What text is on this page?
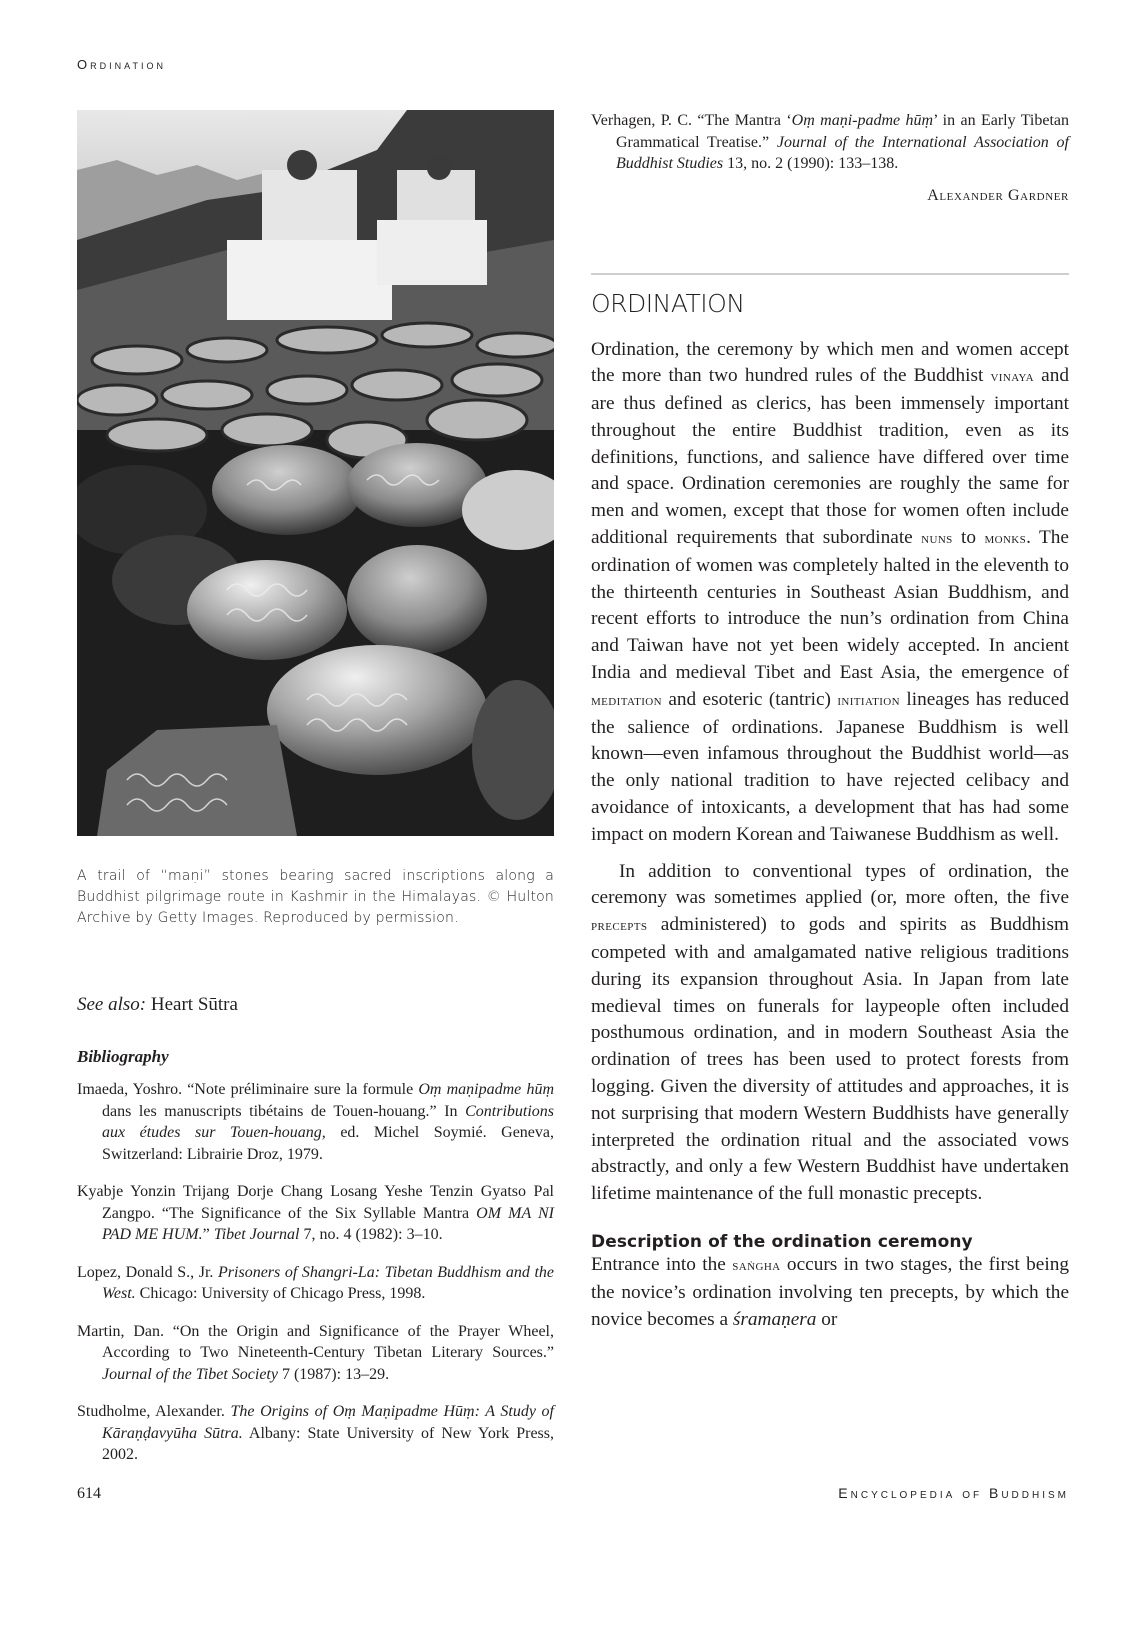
Ordination
A trail of “maṇi” stones bearing sacred inscriptions along a Buddhist pilgrimage route in Kashmir in the Himalayas. © Hulton Archive by Getty Images. Reproduced by permission.
See also: Heart Sūtra
Bibliography
Imaeda, Yoshro. “Note préliminaire sure la formule Oṃ maṇipadme hūṃ dans les manuscripts tibétains de Touen-houang.” In Contributions aux études sur Touen-houang, ed. Michel Soymié. Geneva, Switzerland: Librairie Droz, 1979.
Kyabje Yonzin Trijang Dorje Chang Losang Yeshe Tenzin Gyatso Pal Zangpo. “The Significance of the Six Syllable Mantra OM MA NI PAD ME HUM.” Tibet Journal 7, no. 4 (1982): 3–10.
Lopez, Donald S., Jr. Prisoners of Shangri-La: Tibetan Buddhism and the West. Chicago: University of Chicago Press, 1998.
Martin, Dan. “On the Origin and Significance of the Prayer Wheel, According to Two Nineteenth-Century Tibetan Literary Sources.” Journal of the Tibet Society 7 (1987): 13–29.
Studholme, Alexander. The Origins of Oṃ Maṇipadme Hūṃ: A Study of Kāraṇḍavyūha Sūtra. Albany: State University of New York Press, 2002.
Verhagen, P. C. “The Mantra ‘Oṃ maṇi-padme hūṃ’ in an Early Tibetan Grammatical Treatise.” Journal of the International Association of Buddhist Studies 13, no. 2 (1990): 133–138.
Alexander Gardner
ORDINATION

Ordination, the ceremony by which men and women accept the more than two hundred rules of the Buddhist vinaya and are thus defined as clerics, has been immensely important throughout the entire Buddhist tradition, even as its definitions, functions, and salience have differed over time and space. Ordination ceremonies are roughly the same for men and women, except that those for women often include additional requirements that subordinate nuns to monks. The ordination of women was completely halted in the eleventh to the thirteenth centuries in Southeast Asian Buddhism, and recent efforts to introduce the nun’s ordination from China and Taiwan have not yet been widely accepted. In ancient India and medieval Tibet and East Asia, the emergence of meditation and esoteric (tantric) initiation lineages has reduced the salience of ordinations. Japanese Buddhism is well known—even infamous throughout the Buddhist world—as the only national tradition to have rejected celibacy and avoidance of intoxicants, a development that has had some impact on modern Korean and Taiwanese Buddhism as well.

In addition to conventional types of ordination, the ceremony was sometimes applied (or, more often, the five precepts administered) to gods and spirits as Buddhism competed with and amalgamated native religious traditions during its expansion throughout Asia. In Japan from late medieval times on funerals for laypeople often included posthumous ordination, and in modern Southeast Asia the ordination of trees has been used to protect forests from logging. Given the diversity of attitudes and approaches, it is not surprising that modern Western Buddhists have generally interpreted the ordination ritual and the associated vows abstractly, and only a few Western Buddhist have undertaken lifetime maintenance of the full monastic precepts.

Description of the ordination ceremony

Entrance into the saṅgha occurs in two stages, the first being the novice’s ordination involving ten precepts, by which the novice becomes a śramaṇera or

614	Encyclopedia of Buddhism
